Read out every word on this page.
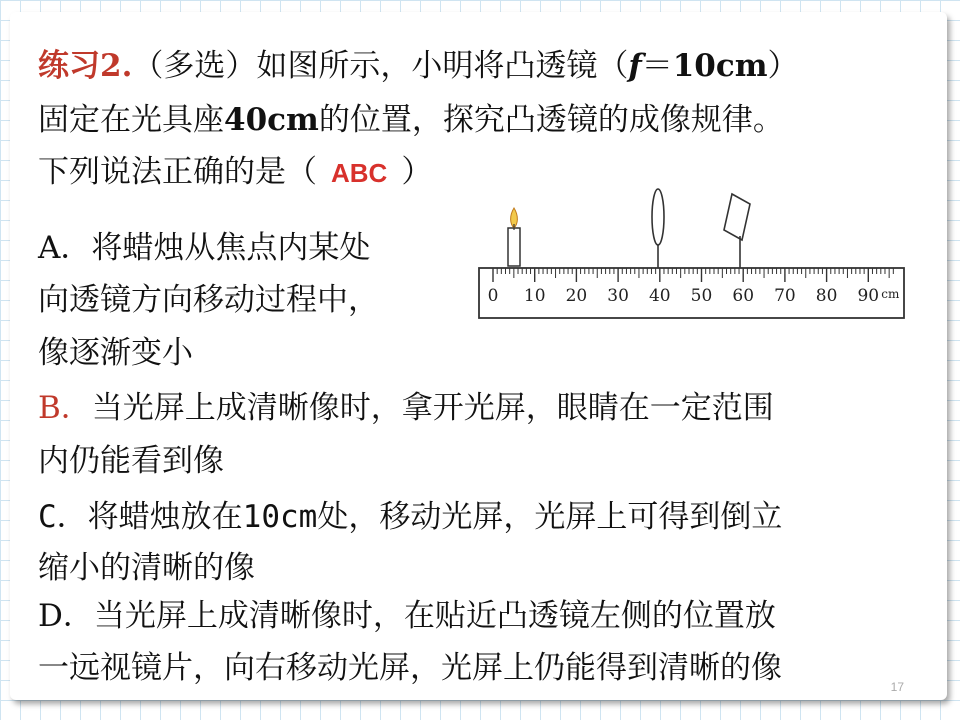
练习2.（多选）如图所示，小明将凸透镜（f＝10cm）
固定在光具座40cm的位置，探究凸透镜的成像规律。
下列说法正确的是（ ABC ）
A．将蜡烛从焦点内某处
向透镜方向移动过程中，
像逐渐变小
B．当光屏上成清晰像时，拿开光屏，眼睛在一定范围
内仍能看到像
C．将蜡烛放在10cm处，移动光屏，光屏上可得到倒立
缩小的清晰的像
D．当光屏上成清晰像时，在贴近凸透镜左侧的位置放
一远视镜片，向右移动光屏，光屏上仍能得到清晰的像
0 10 20 30 40 50 60 70 80 90 cm
17
